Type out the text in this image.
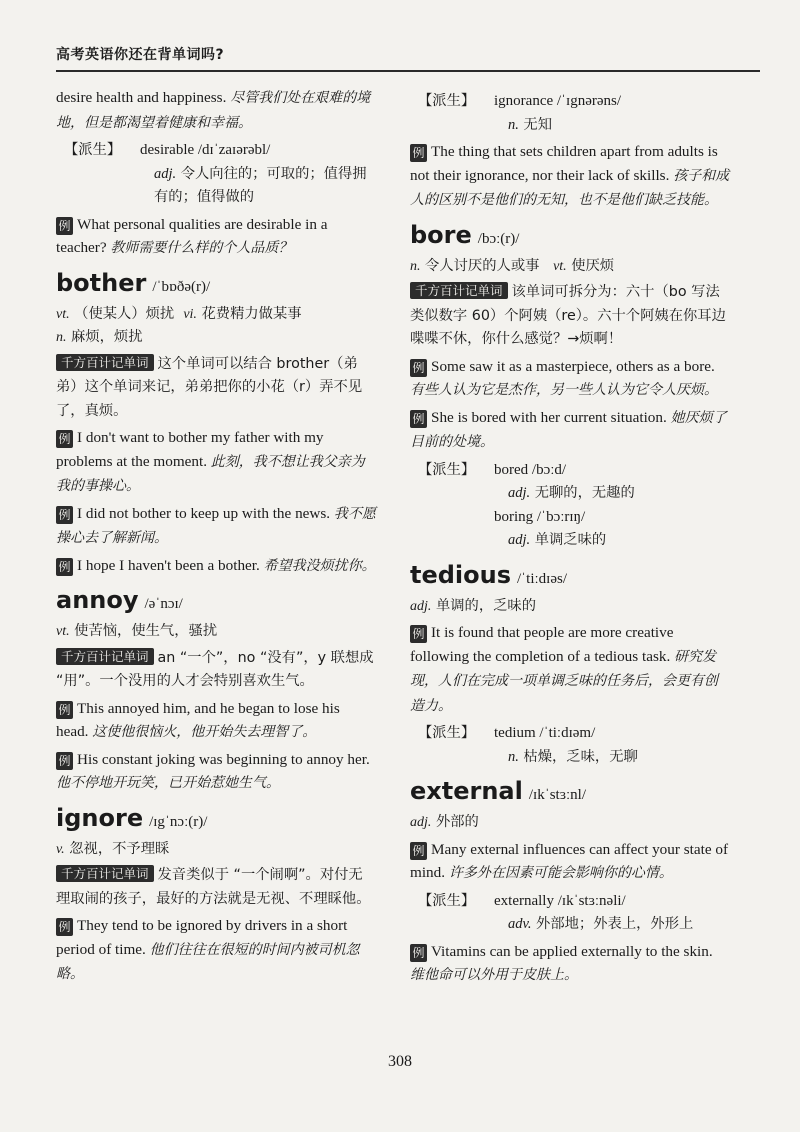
高考英语你还在背单词吗?

desire health and happiness. 尽管我们处在艰难的境地，但是都渴望着健康和幸福。

【派生】	desirable /dɪˈzaɪərəbl/
adj. 令人向往的；可取的；值得拥有的；值得做的

例 What personal qualities are desirable in a teacher? 教师需要什么样的个人品质？

bother /ˈbɒðə(r)/

vt. （使某人）烦扰 vi. 花费精力做某事

n. 麻烦，烦扰

千方百计记单词 这个单词可以结合 brother（弟弟）这个单词来记，弟弟把你的小花（r）弄不见了，真烦。

例 I don't want to bother my father with my problems at the moment. 此刻，我不想让我父亲为我的事操心。

例 I did not bother to keep up with the news. 我不愿操心去了解新闻。

例 I hope I haven't been a bother. 希望我没烦扰你。

annoy /əˈnɔɪ/

vt. 使苦恼，使生气，骚扰

千方百计记单词 an “一个”，no “没有”，y 联想成 “用”。一个没用的人才会特别喜欢生气。

例 This annoyed him, and he began to lose his head. 这使他很恼火，他开始失去理智了。

例 His constant joking was beginning to annoy her. 他不停地开玩笑，已开始惹她生气。

ignore /ɪgˈnɔː(r)/

v. 忽视，不予理睬

千方百计记单词 发音类似于 “一个闹啊”。对付无理取闹的孩子，最好的方法就是无视、不理睬他。

例 They tend to be ignored by drivers in a short period of time. 他们往往在很短的时间内被司机忽略。

【派生】	ignorance /ˈɪgnərəns/
n. 无知

例 The thing that sets children apart from adults is not their ignorance, nor their lack of skills. 孩子和成人的区别不是他们的无知，也不是他们缺乏技能。

bore /bɔː(r)/

n. 令人讨厌的人或事 vt. 使厌烦

千方百计记单词 该单词可拆分为：六十（bo 写法类似数字 60）个阿姨（re）。六十个阿姨在你耳边喋喋不休，你什么感觉？→烦啊！

例 Some saw it as a masterpiece, others as a bore. 有些人认为它是杰作，另一些人认为它令人厌烦。

例 She is bored with her current situation. 她厌烦了目前的处境。

【派生】	bored /bɔːd/
adj. 无聊的，无趣的
boring /ˈbɔːrɪŋ/
adj. 单调乏味的
tedious /ˈtiːdɪəs/

adj. 单调的，乏味的

例 It is found that people are more creative following the completion of a tedious task. 研究发现，人们在完成一项单调乏味的任务后，会更有创造力。

【派生】	tedium /ˈtiːdɪəm/
n. 枯燥，乏味，无聊
external /ɪkˈstɜːnl/

adj. 外部的

例 Many external influences can affect your state of mind. 许多外在因素可能会影响你的心情。

【派生】	externally /ɪkˈstɜːnəli/
adv. 外部地；外表上，外形上

例 Vitamins can be applied externally to the skin. 维他命可以外用于皮肤上。

308
